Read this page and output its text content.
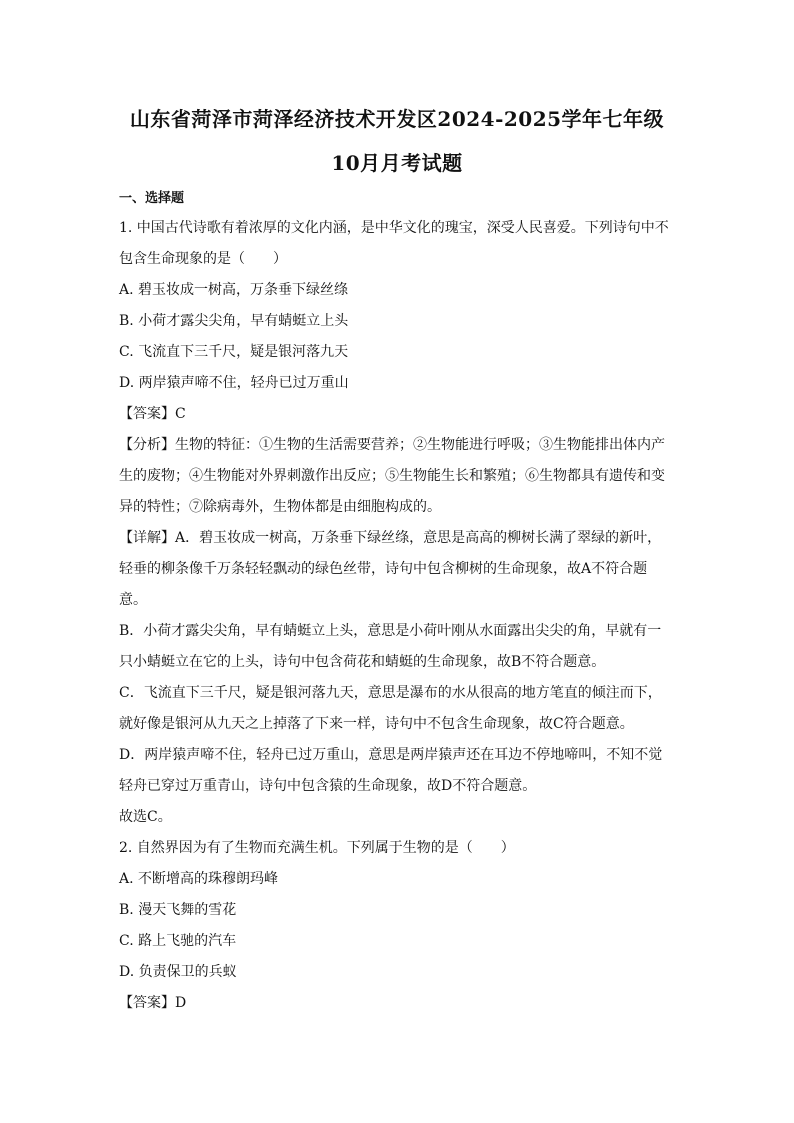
山东省菏泽市菏泽经济技术开发区2024-2025学年七年级
10月月考试题
一、选择题

1. 中国古代诗歌有着浓厚的文化内涵，是中华文化的瑰宝，深受人民喜爱。下列诗句中不

包含生命现象的是（　　）

A. 碧玉妆成一树高，万条垂下绿丝绦

B. 小荷才露尖尖角，早有蜻蜓立上头

C. 飞流直下三千尺，疑是银河落九天

D. 两岸猿声啼不住，轻舟已过万重山

【答案】C

【分析】生物的特征：①生物的生活需要营养；②生物能进行呼吸；③生物能排出体内产

生的废物；④生物能对外界刺激作出反应；⑤生物能生长和繁殖；⑥生物都具有遗传和变

异的特性；⑦除病毒外，生物体都是由细胞构成的。

【详解】A．碧玉妆成一树高，万条垂下绿丝绦，意思是高高的柳树长满了翠绿的新叶，

轻垂的柳条像千万条轻轻飘动的绿色丝带，诗句中包含柳树的生命现象，故A不符合题

意。

B．小荷才露尖尖角，早有蜻蜓立上头，意思是小荷叶刚从水面露出尖尖的角，早就有一

只小蜻蜓立在它的上头，诗句中包含荷花和蜻蜓的生命现象，故B不符合题意。

C．飞流直下三千尺，疑是银河落九天，意思是瀑布的水从很高的地方笔直的倾注而下，

就好像是银河从九天之上掉落了下来一样，诗句中不包含生命现象，故C符合题意。

D．两岸猿声啼不住，轻舟已过万重山，意思是两岸猿声还在耳边不停地啼叫，不知不觉

轻舟已穿过万重青山，诗句中包含猿的生命现象，故D不符合题意。

故选C。

2. 自然界因为有了生物而充满生机。下列属于生物的是（　　）

A. 不断增高的珠穆朗玛峰

B. 漫天飞舞的雪花

C. 路上飞驰的汽车

D. 负责保卫的兵蚁

【答案】D
